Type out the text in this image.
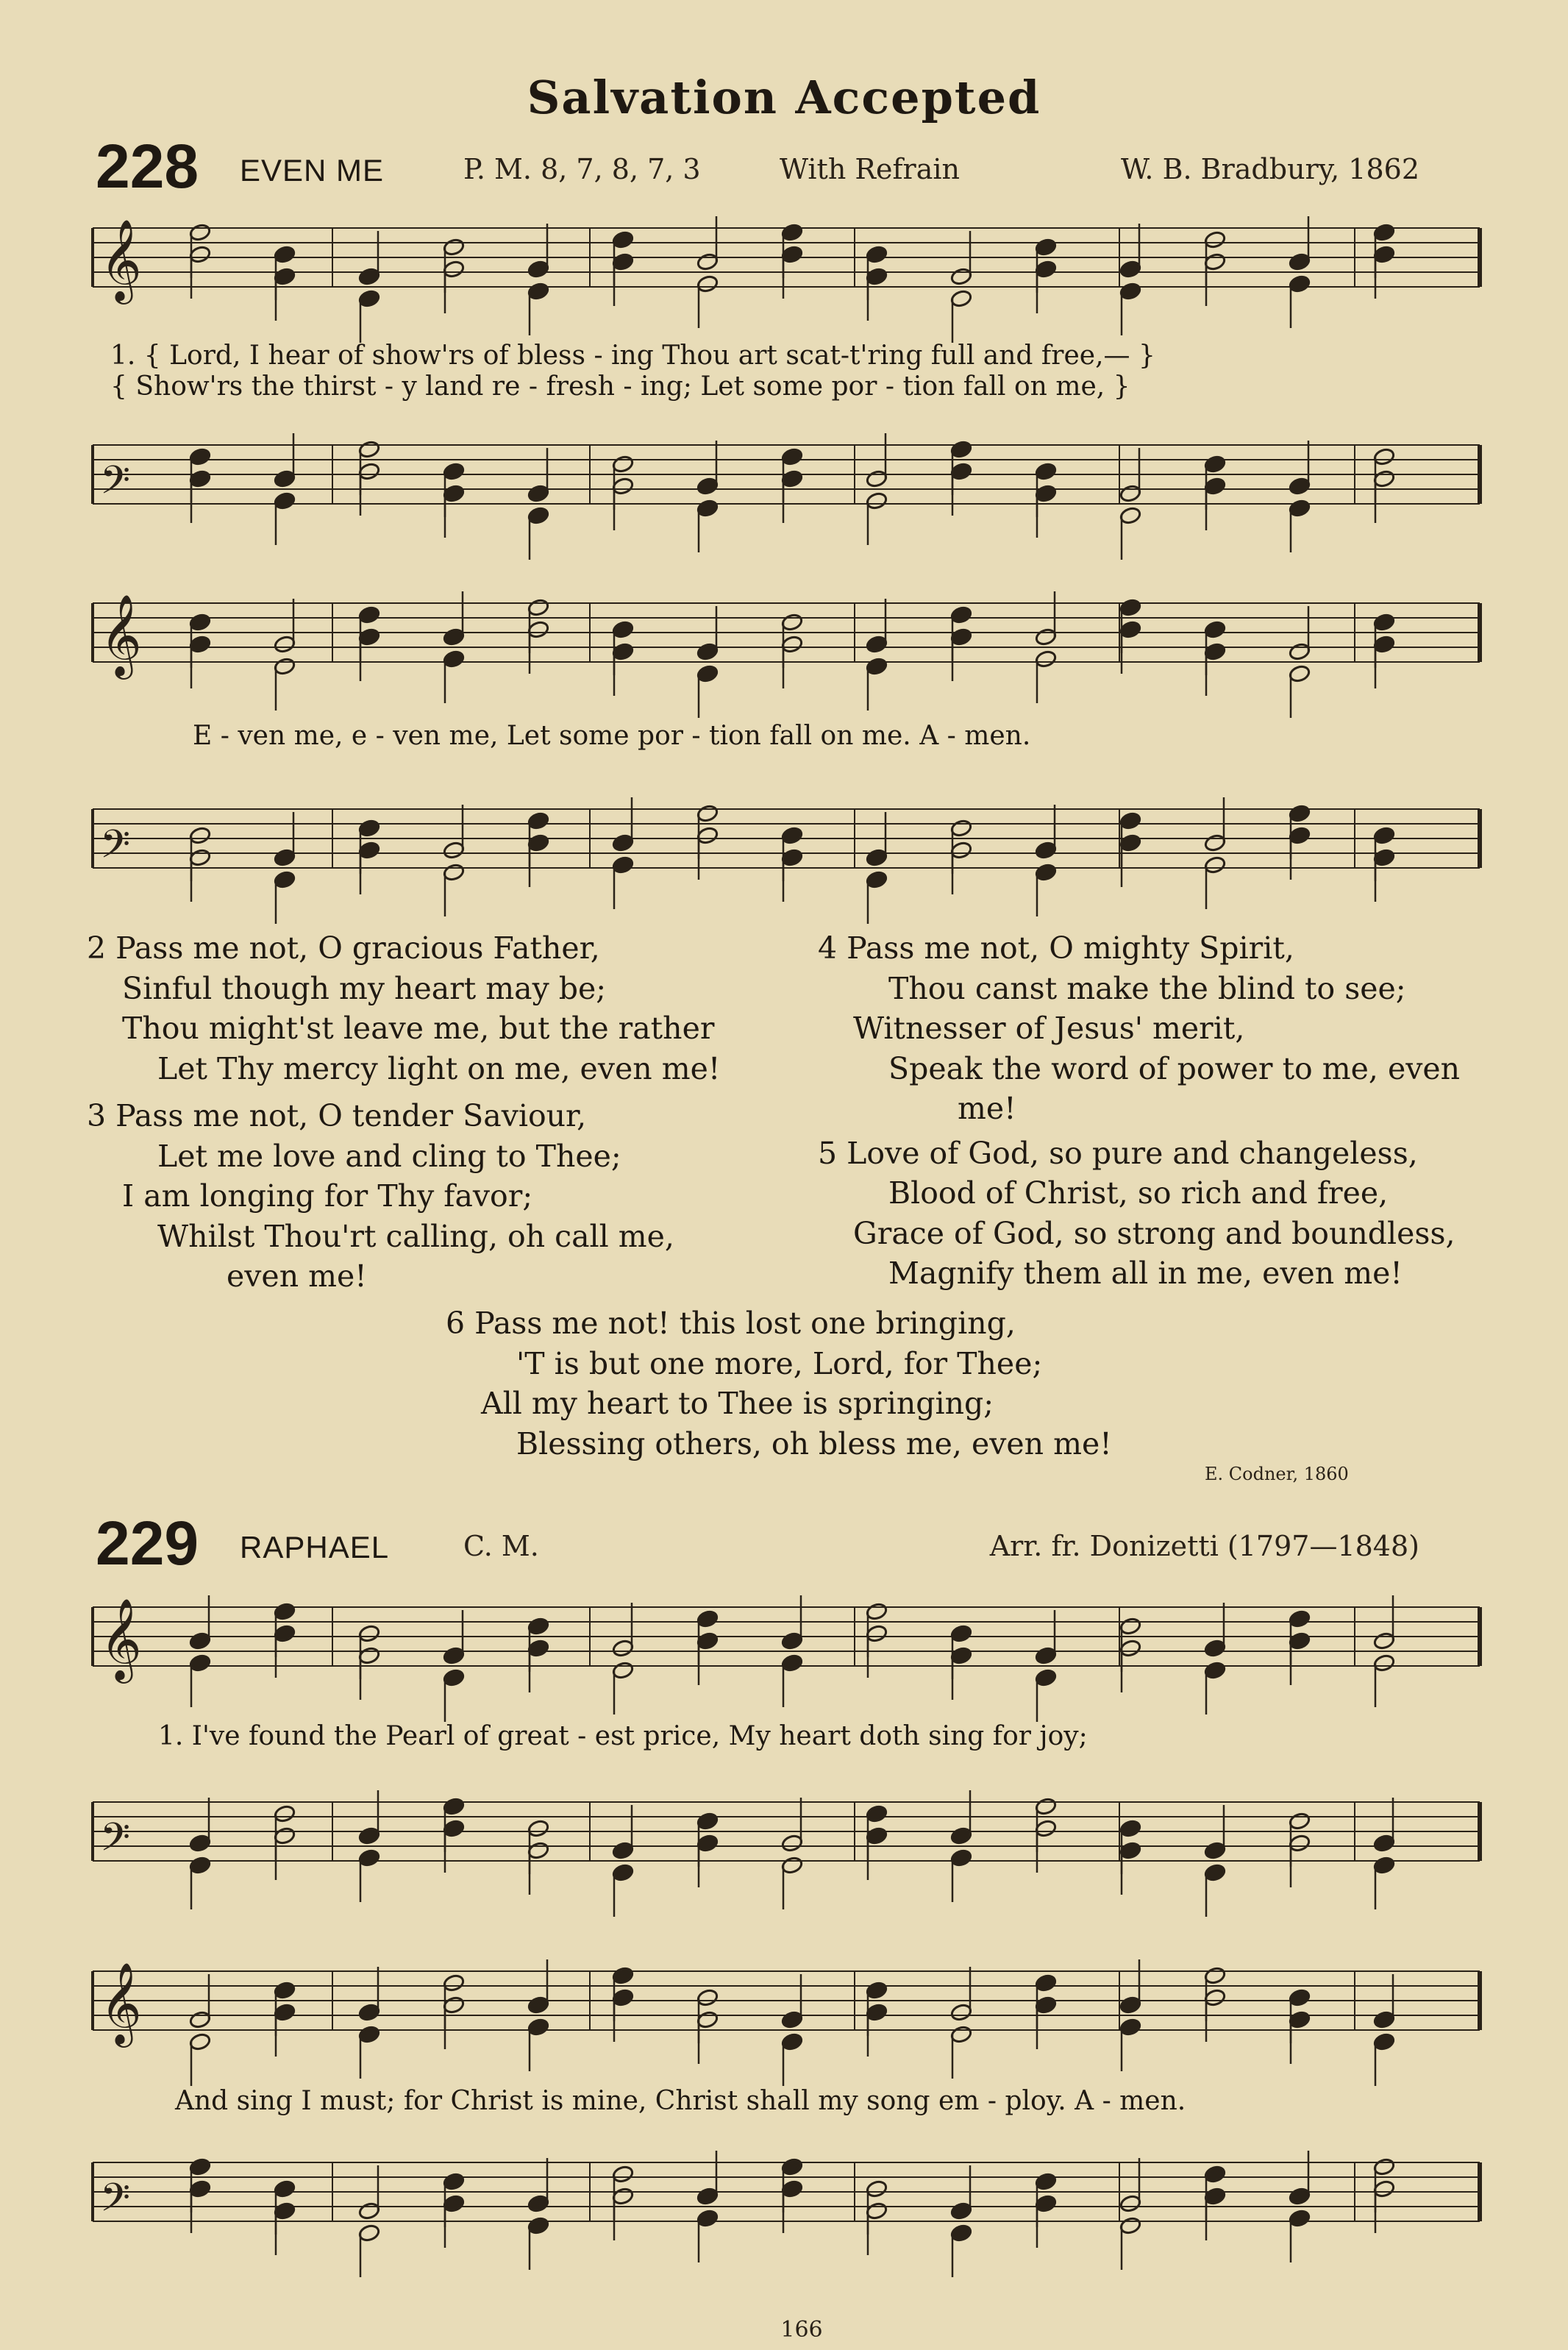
Salvation Accepted
228 EVEN ME	P. M. 8, 7, 8, 7, 3	With Refrain	W. B. Bradbury, 1862
𝄞
1. { Lord, I hear of show'rs of bless - ing Thou art scat-t'ring full and free,— }
{ Show'rs the thirst - y land re - fresh - ing; Let some por - tion fall on me, }
𝄢
𝄞
E - ven me, e - ven me, Let some por - tion fall on me. A - men.
𝄢
2 Pass me not, O gracious Father,
Sinful though my heart may be;
Thou might'st leave me, but the rather
Let Thy mercy light on me, even me!
3 Pass me not, O tender Saviour,
Let me love and cling to Thee;
I am longing for Thy favor;
Whilst Thou'rt calling, oh call me,
even me!
4 Pass me not, O mighty Spirit,
Thou canst make the blind to see;
Witnesser of Jesus' merit,
Speak the word of power to me, even
me!
5 Love of God, so pure and changeless,
Blood of Christ, so rich and free,
Grace of God, so strong and boundless,
Magnify them all in me, even me!
6 Pass me not! this lost one bringing,
'T is but one more, Lord, for Thee;
All my heart to Thee is springing;
Blessing others, oh bless me, even me!
E. Codner, 1860
229 RAPHAEL	C. M.	Arr. fr. Donizetti (1797—1848)
𝄞
1. I've found the Pearl of great - est price, My heart doth sing for joy;
𝄢
𝄞
And sing I must; for Christ is mine, Christ shall my song em - ploy. A - men.
𝄢
166
